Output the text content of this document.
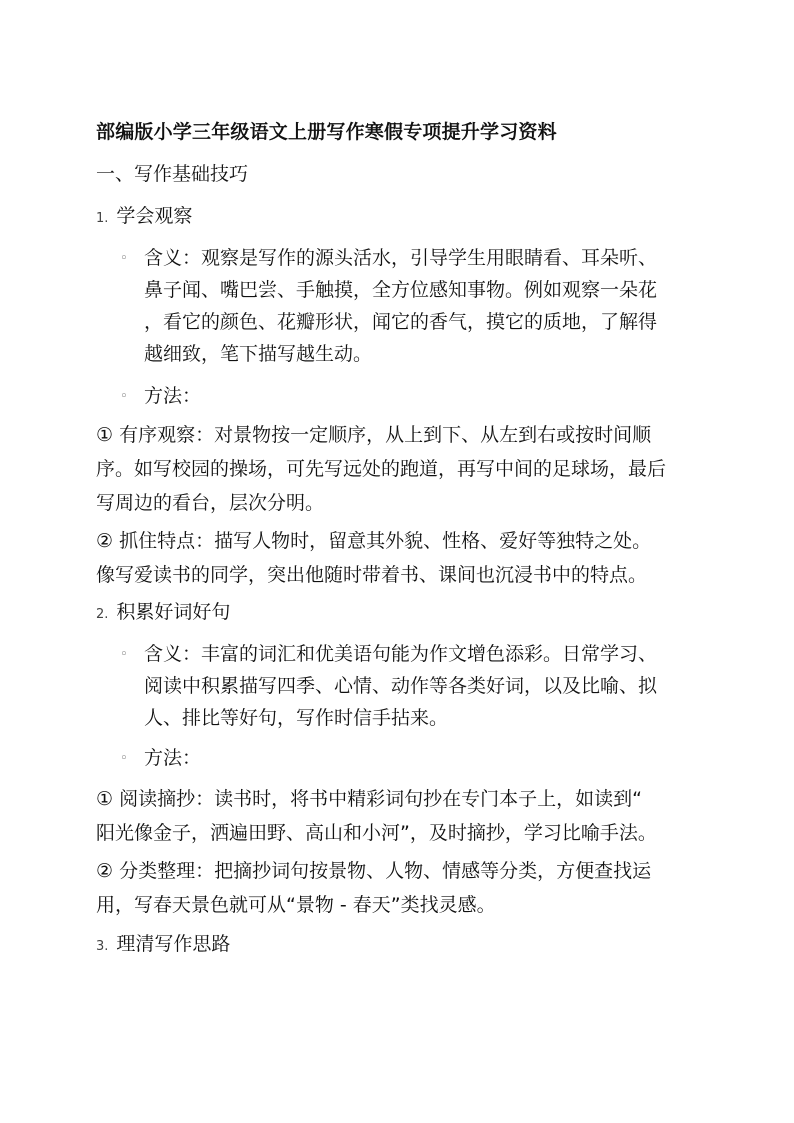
部编版小学三年级语文上册写作寒假专项提升学习资料
一、写作基础技巧
1. 学会观察
◦ 含义：观察是写作的源头活水，引导学生用眼睛看、耳朵听、
鼻子闻、嘴巴尝、手触摸，全方位感知事物。例如观察一朵花
，看它的颜色、花瓣形状，闻它的香气，摸它的质地，了解得
越细致，笔下描写越生动。
◦ 方法：
① 有序观察：对景物按一定顺序，从上到下、从左到右或按时间顺
序。如写校园的操场，可先写远处的跑道，再写中间的足球场，最后
写周边的看台，层次分明。
② 抓住特点：描写人物时，留意其外貌、性格、爱好等独特之处。
像写爱读书的同学，突出他随时带着书、课间也沉浸书中的特点。
2. 积累好词好句
◦ 含义：丰富的词汇和优美语句能为作文增色添彩。日常学习、
阅读中积累描写四季、心情、动作等各类好词，以及比喻、拟
人、排比等好句，写作时信手拈来。
◦ 方法：
① 阅读摘抄：读书时，将书中精彩词句抄在专门本子上，如读到“
阳光像金子，洒遍田野、高山和小河”，及时摘抄，学习比喻手法。
② 分类整理：把摘抄词句按景物、人物、情感等分类，方便查找运
用，写春天景色就可从“景物 - 春天”类找灵感。
3. 理清写作思路
